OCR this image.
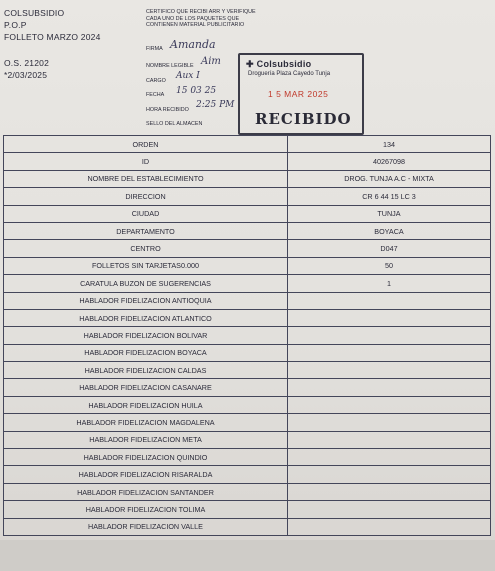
COLSUBSIDIO
P.O.P
FOLLETO MARZO 2024
O.S. 21202
*2/03/2025
CERTIFICO QUE RECIBI ARR Y VERIFIQUE CADA UNO DE LOS PAQUETES QUE CONTIENEN MATERIAL PUBLICITARIO
FIRMA Amanda
NOMBRE LEGIBLE Aim
CARGO Aux I
FECHA 15 03 25
HORA RECIBIDO 2:25 PM
SELLO DEL ALMACEN
✚ Colsubsidio
Droguería Plaza Cayedo Tunja
1 5 MAR 2025
RECIBIDO
ORDEN	134
ID	40267098
NOMBRE DEL ESTABLECIMIENTO	DROG. TUNJA A.C - MIXTA
DIRECCION	CR 6 44 15 LC 3
CIUDAD	TUNJA
DEPARTAMENTO	BOYACA
CENTRO	D047
FOLLETOS SIN TARJETAS0.000	50
CARATULA BUZON DE SUGERENCIAS	1
HABLADOR FIDELIZACION ANTIOQUIA	
HABLADOR FIDELIZACION ATLANTICO	
HABLADOR FIDELIZACION BOLIVAR	
HABLADOR FIDELIZACION BOYACA	
HABLADOR FIDELIZACION CALDAS	
HABLADOR FIDELIZACION CASANARE	
HABLADOR FIDELIZACION HUILA	
HABLADOR FIDELIZACION MAGDALENA	
HABLADOR FIDELIZACION META	
HABLADOR FIDELIZACION QUINDIO	
HABLADOR FIDELIZACION RISARALDA	
HABLADOR FIDELIZACION SANTANDER	
HABLADOR FIDELIZACION TOLIMA	
HABLADOR FIDELIZACION VALLE	
